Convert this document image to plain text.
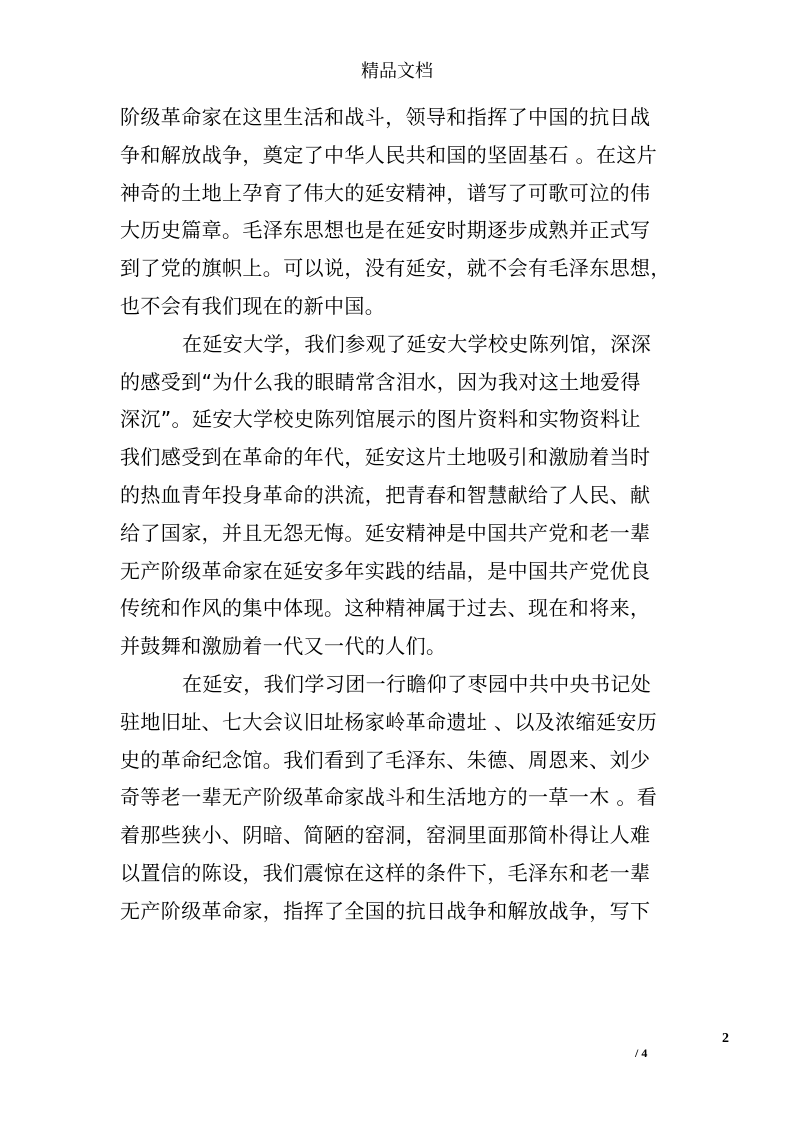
精品文档
阶级革命家在这里生活和战斗，领导和指挥了中国的抗日战
争和解放战争，奠定了中华人民共和国的坚固基石 。在这片
神奇的土地上孕育了伟大的延安精神，谱写了可歌可泣的伟
大历史篇章。毛泽东思想也是在延安时期逐步成熟并正式写
到了党的旗帜上。可以说，没有延安，就不会有毛泽东思想，
也不会有我们现在的新中国。
在延安大学，我们参观了延安大学校史陈列馆，深深
的感受到“为什么我的眼睛常含泪水，因为我对这土地爱得
深沉”。延安大学校史陈列馆展示的图片资料和实物资料让
我们感受到在革命的年代，延安这片土地吸引和激励着当时
的热血青年投身革命的洪流，把青春和智慧献给了人民、献
给了国家，并且无怨无悔。延安精神是中国共产党和老一辈
无产阶级革命家在延安多年实践的结晶，是中国共产党优良
传统和作风的集中体现。这种精神属于过去、现在和将来，
并鼓舞和激励着一代又一代的人们。
在延安，我们学习团一行瞻仰了枣园中共中央书记处
驻地旧址、七大会议旧址杨家岭革命遗址 、以及浓缩延安历
史的革命纪念馆。我们看到了毛泽东、朱德、周恩来、刘少
奇等老一辈无产阶级革命家战斗和生活地方的一草一木 。看
着那些狭小、阴暗、简陋的窑洞，窑洞里面那简朴得让人难
以置信的陈设，我们震惊在这样的条件下，毛泽东和老一辈
无产阶级革命家，指挥了全国的抗日战争和解放战争，写下
2
/ 4
